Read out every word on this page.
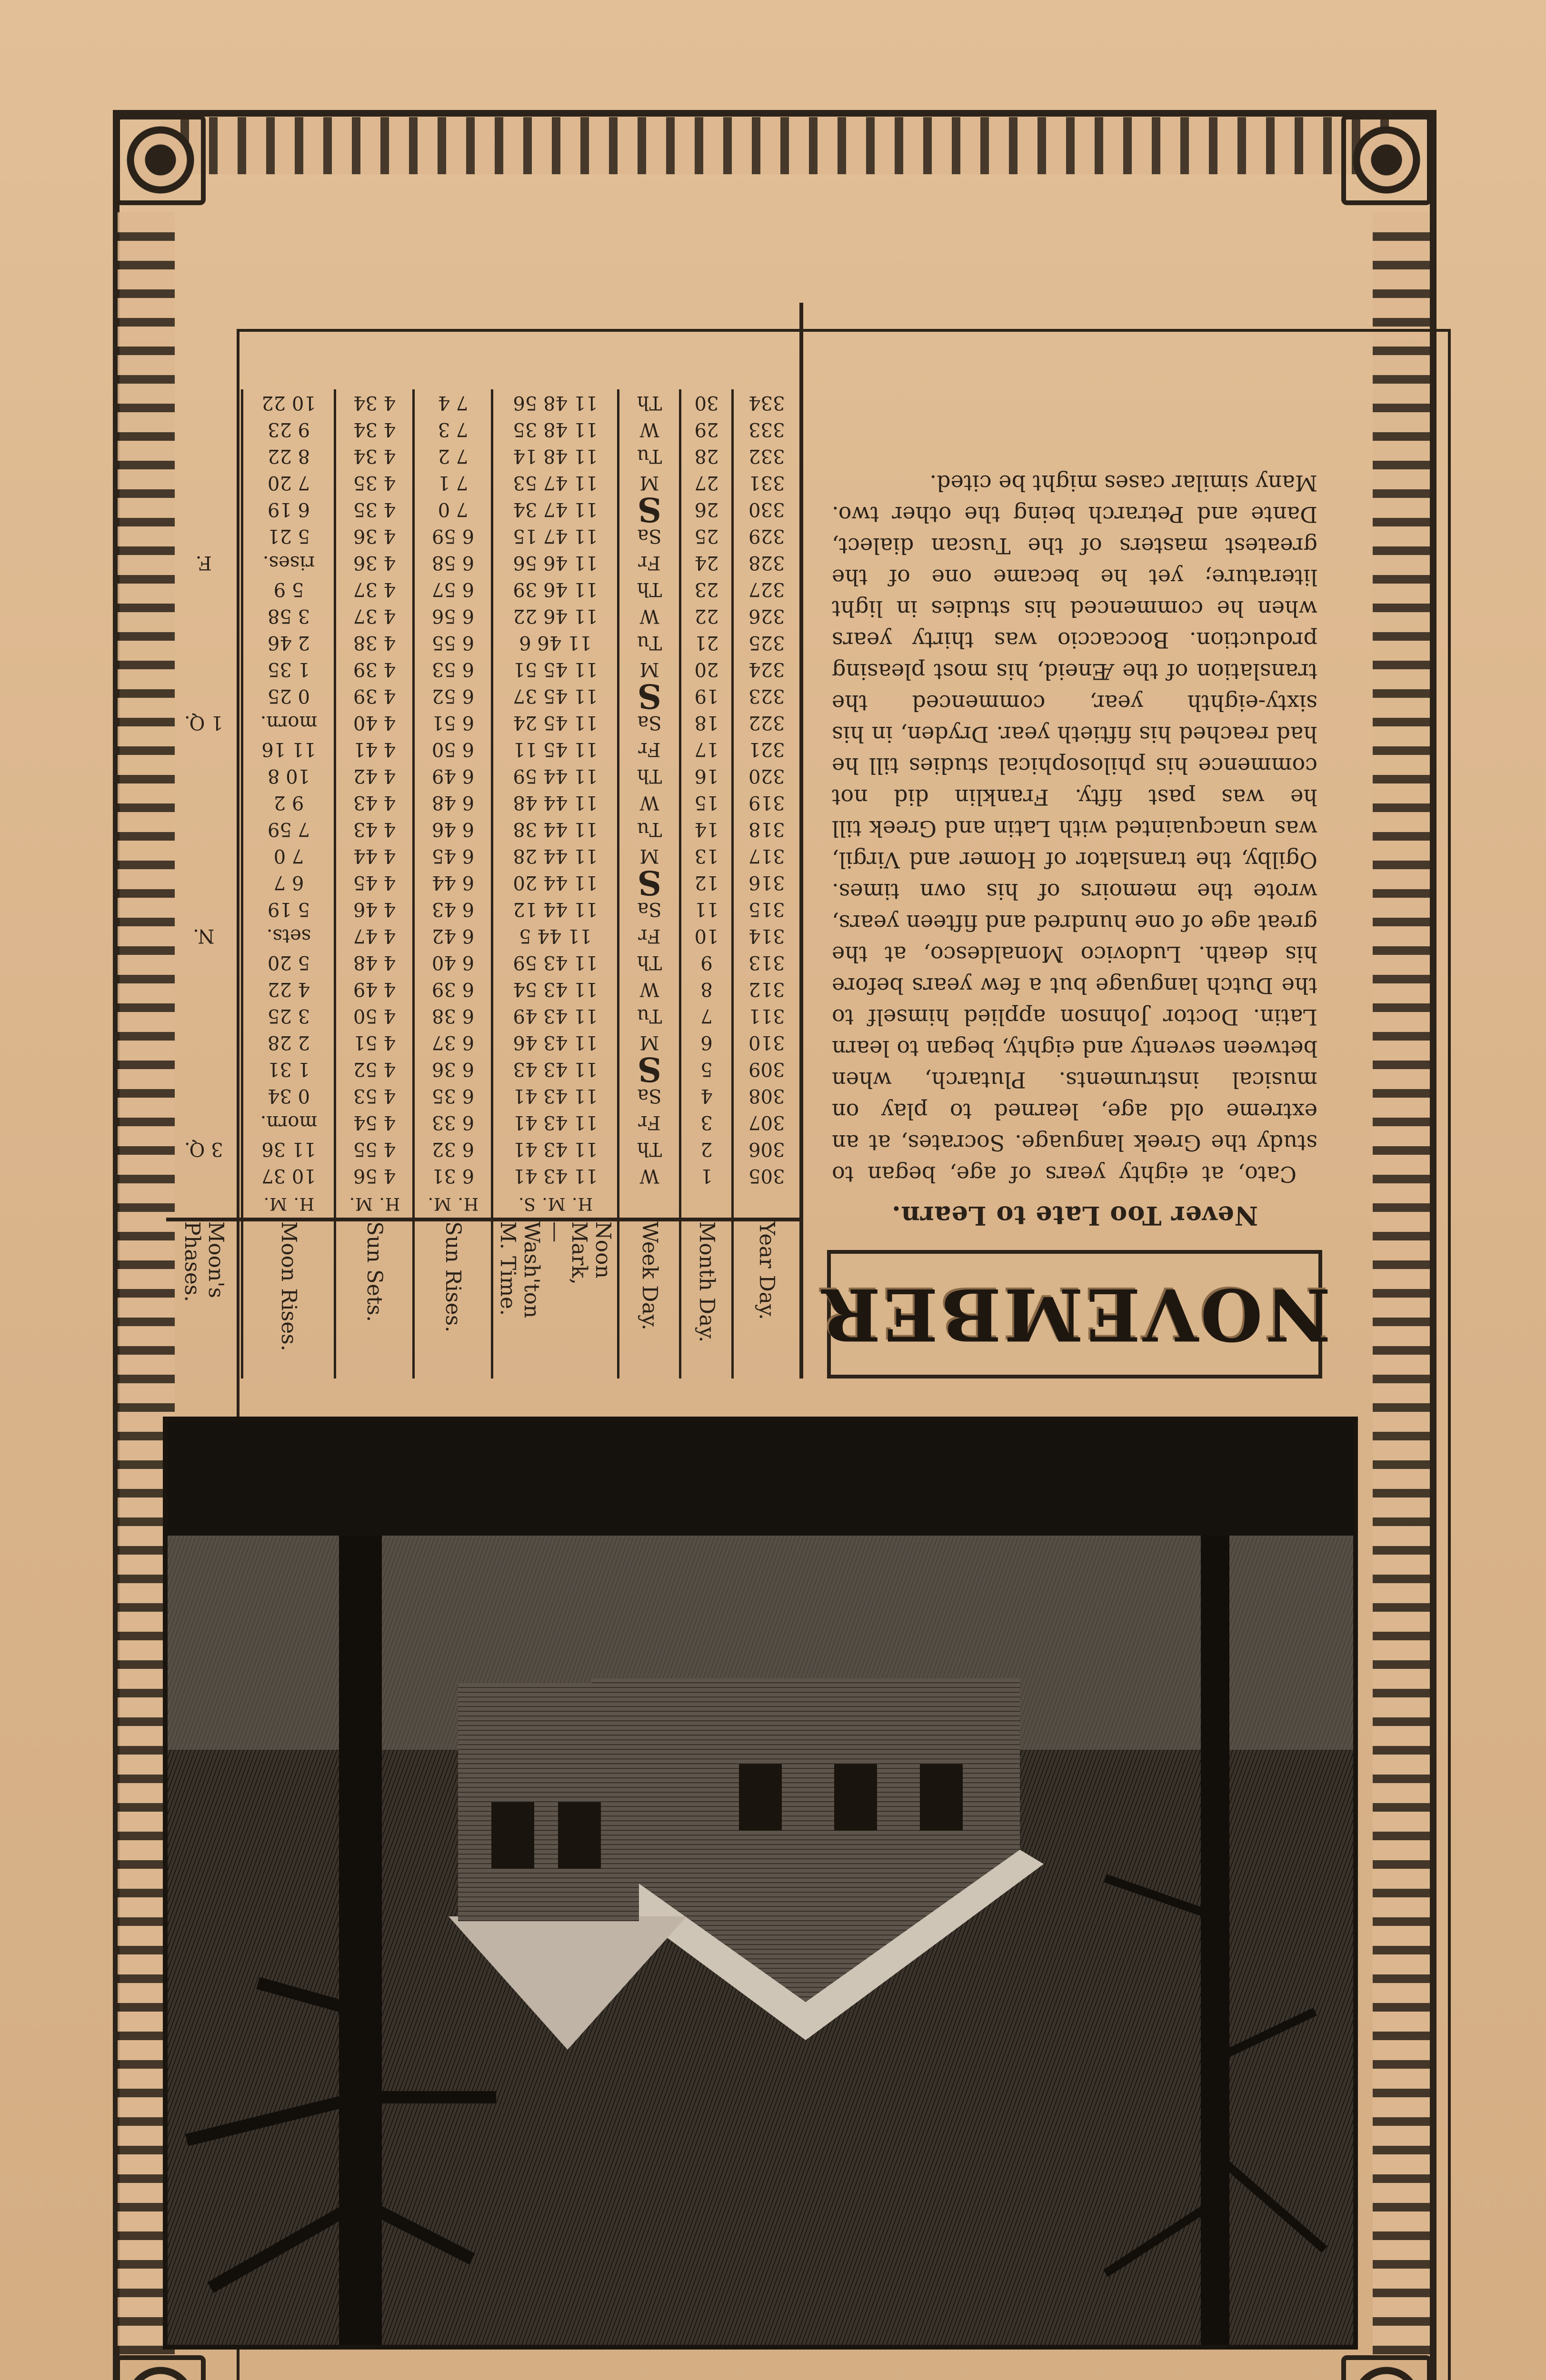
NOVEMBER
Never Too Late to Learn.

Cato, at eighty years of age, began to study the Greek language. Socrates, at an extreme old age, learned to play on musical instruments. Plutarch, when between seventy and eighty, began to learn Latin. Doctor Johnson applied himself to the Dutch language but a few years before his death. Ludovico Monaldesco, at the great age of one hundred and fifteen years, wrote the memoirs of his own times. Ogilby, the translator of Homer and Virgil, was unacquainted with Latin and Greek till he was past fifty. Franklin did not commence his philosophical studies till he had reached his fiftieth year. Dryden, in his sixty-eighth year, commenced the translation of the Æneid, his most pleasing production. Boccaccio was thirty years when he commenced his studies in light literature; yet he became one of the greatest masters of the Tuscan dialect, Dante and Petrarch being the other two. Many similar cases might be cited.

Year Day.	Month Day.	Week Day.	Noon
Mark,
—
Wash'ton
M. Time.	Sun Rises.	Sun Sets.	Moon Rises.	Moon's
Phases.

			H. M. S.	H. M.	H. M.	H. M.	
305	1	W	11 43 41	6 31	4 56	10 37	
306	2	Th	11 43 41	6 32	4 55	11 36	3 Q.
307	3	Fr	11 43 41	6 33	4 54	morn.	
308	4	Sa	11 43 41	6 35	4 53	0 34	
309	5	S	11 43 43	6 36	4 52	1 31	
310	6	M	11 43 46	6 37	4 51	2 28	
311	7	Tu	11 43 49	6 38	4 50	3 25	
312	8	W	11 43 54	6 39	4 49	4 22	
313	9	Th	11 43 59	6 40	4 48	5 20	
314	10	Fr	11 44 5	6 42	4 47	sets.	N.
315	11	Sa	11 44 12	6 43	4 46	5 19	
316	12	S	11 44 20	6 44	4 45	6 7	
317	13	M	11 44 28	6 45	4 44	7 0	
318	14	Tu	11 44 38	6 46	4 43	7 59	
319	15	W	11 44 48	6 48	4 43	9 2	
320	16	Th	11 44 59	6 49	4 42	10 8	
321	17	Fr	11 45 11	6 50	4 41	11 16	
322	18	Sa	11 45 24	6 51	4 40	morn.	1 Q.
323	19	S	11 45 37	6 52	4 39	0 25	
324	20	M	11 45 51	6 53	4 39	1 35	
325	21	Tu	11 46 6	6 55	4 38	2 46	
326	22	W	11 46 22	6 56	4 37	3 58	
327	23	Th	11 46 39	6 57	4 37	5 9	
328	24	Fr	11 46 56	6 58	4 36	rises.	F.
329	25	Sa	11 47 15	6 59	4 36	5 21	
330	26	S	11 47 34	7 0	4 35	6 19	
331	27	M	11 47 53	7 1	4 35	7 20	
332	28	Tu	11 48 14	7 2	4 34	8 22	
333	29	W	11 48 35	7 3	4 34	9 23	
334	30	Th	11 48 56	7 4	4 34	10 22	
